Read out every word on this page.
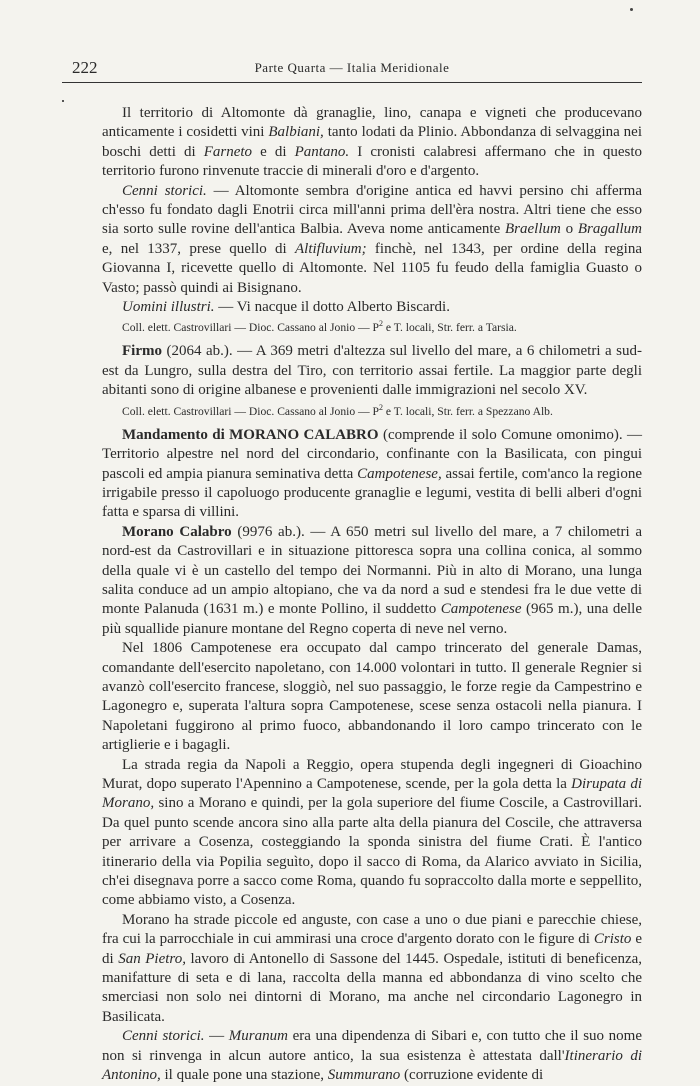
222	Parte Quarta — Italia Meridionale

Il territorio di Altomonte dà granaglie, lino, canapa e vigneti che producevano anticamente i cosidetti vini Balbiani, tanto lodati da Plinio. Abbondanza di selvaggina nei boschi detti di Farneto e di Pantano. I cronisti calabresi affermano che in questo territorio furono rinvenute traccie di minerali d'oro e d'argento.

Cenni storici. — Altomonte sembra d'origine antica ed havvi persino chi afferma ch'esso fu fondato dagli Enotrii circa mill'anni prima dell'èra nostra. Altri tiene che esso sia sorto sulle rovine dell'antica Balbia. Aveva nome anticamente Braellum o Bragallum e, nel 1337, prese quello di Altifluvium; finchè, nel 1343, per ordine della regina Giovanna I, ricevette quello di Altomonte. Nel 1105 fu feudo della famiglia Guasto o Vasto; passò quindi ai Bisignano.

Uomini illustri. — Vi nacque il dotto Alberto Biscardi.

Coll. elett. Castrovillari — Dioc. Cassano al Jonio — $P^2$ e T. locali, Str. ferr. a Tarsia.

Firmo (2064 ab.). — A 369 metri d'altezza sul livello del mare, a 6 chilometri a sud-est da Lungro, sulla destra del Tiro, con territorio assai fertile. La maggior parte degli abitanti sono di origine albanese e provenienti dalle immigrazioni nel secolo XV.

Coll. elett. Castrovillari — Dioc. Cassano al Jonio — $P^2$ e T. locali, Str. ferr. a Spezzano Alb.

Mandamento di MORANO CALABRO (comprende il solo Comune omonimo). — Territorio alpestre nel nord del circondario, confinante con la Basilicata, con pingui pascoli ed ampia pianura seminativa detta Campotenese, assai fertile, com'anco la regione irrigabile presso il capoluogo producente granaglie e legumi, vestita di belli alberi d'ogni fatta e sparsa di villini.

Morano Calabro (9976 ab.). — A 650 metri sul livello del mare, a 7 chilometri a nord-est da Castrovillari e in situazione pittoresca sopra una collina conica, al sommo della quale vi è un castello del tempo dei Normanni. Più in alto di Morano, una lunga salita conduce ad un ampio altopiano, che va da nord a sud e stendesi fra le due vette di monte Palanuda (1631 m.) e monte Pollino, il suddetto Campotenese (965 m.), una delle più squallide pianure montane del Regno coperta di neve nel verno.

Nel 1806 Campotenese era occupato dal campo trincerato del generale Damas, comandante dell'esercito napoletano, con 14.000 volontari in tutto. Il generale Regnier si avanzò coll'esercito francese, sloggiò, nel suo passaggio, le forze regie da Campestrino e Lagonegro e, superata l'altura sopra Campotenese, scese senza ostacoli nella pianura. I Napoletani fuggirono al primo fuoco, abbandonando il loro campo trincerato con le artiglierie e i bagagli.

La strada regia da Napoli a Reggio, opera stupenda degli ingegneri di Gioachino Murat, dopo superato l'Apennino a Campotenese, scende, per la gola detta la Dirupata di Morano, sino a Morano e quindi, per la gola superiore del fiume Coscile, a Castrovillari. Da quel punto scende ancora sino alla parte alta della pianura del Coscile, che attraversa per arrivare a Cosenza, costeggiando la sponda sinistra del fiume Crati. È l'antico itinerario della via Popilia seguìto, dopo il sacco di Roma, da Alarico avviato in Sicilia, ch'ei disegnava porre a sacco come Roma, quando fu sopraccolto dalla morte e seppellito, come abbiamo visto, a Cosenza.

Morano ha strade piccole ed anguste, con case a uno o due piani e parecchie chiese, fra cui la parrocchiale in cui ammirasi una croce d'argento dorato con le figure di Cristo e di San Pietro, lavoro di Antonello di Sassone del 1445. Ospedale, istituti di beneficenza, manifatture di seta e di lana, raccolta della manna ed abbondanza di vino scelto che smerciasi non solo nei dintorni di Morano, ma anche nel circondario Lagonegro in Basilicata.

Cenni storici. — Muranum era una dipendenza di Sibari e, con tutto che il suo nome non si rinvenga in alcun autore antico, la sua esistenza è attestata dall'Itinerario di Antonino, il quale pone una stazione, Summurano (corruzione evidente di
